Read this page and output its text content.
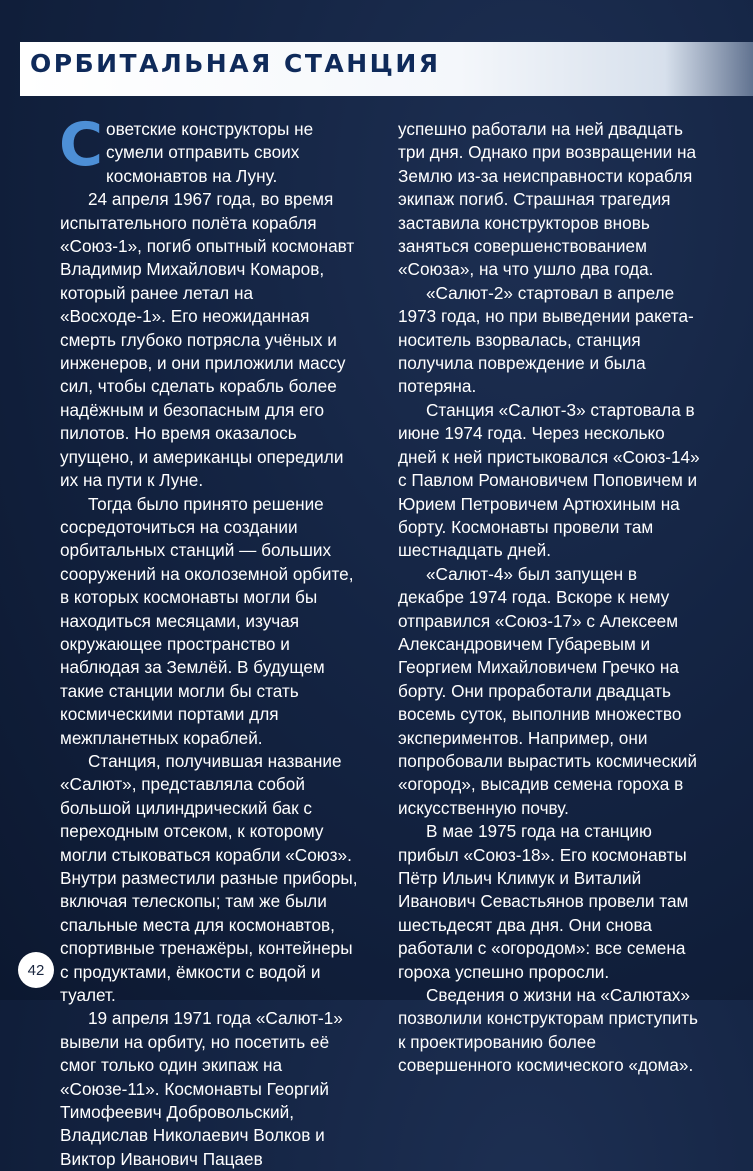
ОРБИТАЛЬНАЯ СТАНЦИЯ

Советские конструкторы не сумели отправить своих космонавтов на Луну.

24 апреля 1967 года, во время испытательного полёта корабля «Союз-1», погиб опытный космонавт Владимир Михайлович Комаров, который ранее летал на «Восходе-1». Его неожиданная смерть глубоко потрясла учёных и инженеров, и они приложили массу сил, чтобы сделать корабль более надёжным и безопасным для его пилотов. Но время оказалось упущено, и американцы опередили их на пути к Луне.

Тогда было принято решение сосредоточиться на создании орбитальных станций — больших сооружений на околоземной орбите, в которых космонавты могли бы находиться месяцами, изучая окружающее пространство и наблюдая за Землёй. В будущем такие станции могли бы стать космическими портами для межпланетных кораблей.

Станция, получившая название «Салют», представляла собой большой цилиндрический бак с переходным отсеком, к которому могли стыковаться корабли «Союз». Внутри разместили разные приборы, включая телескопы; там же были спальные места для космонавтов, спортивные тренажёры, контейнеры с продуктами, ёмкости с водой и туалет.

19 апреля 1971 года «Салют-1» вывели на орбиту, но посетить её смог только один экипаж на «Союзе-11». Космонавты Георгий Тимофеевич Добровольский, Владислав Николаевич Волков и Виктор Иванович Пацаев

успешно работали на ней двадцать три дня. Однако при возвращении на Землю из-за неисправности корабля экипаж погиб. Страшная трагедия заставила конструкторов вновь заняться совершенствованием «Союза», на что ушло два года.

«Салют-2» стартовал в апреле 1973 года, но при выведении ракета-носитель взорвалась, станция получила повреждение и была потеряна.

Станция «Салют-3» стартовала в июне 1974 года. Через несколько дней к ней пристыковался «Союз-14» с Павлом Романовичем Поповичем и Юрием Петровичем Артюхиным на борту. Космонавты провели там шестнадцать дней.

«Салют-4» был запущен в декабре 1974 года. Вскоре к нему отправился «Союз-17» с Алексеем Александровичем Губаревым и Георгием Михайловичем Гречко на борту. Они проработали двадцать восемь суток, выполнив множество экспериментов. Например, они попробовали вырастить космический «огород», высадив семена гороха в искусственную почву.

В мае 1975 года на станцию прибыл «Союз-18». Его космонавты Пётр Ильич Климук и Виталий Иванович Севастьянов провели там шестьдесят два дня. Они снова работали с «огородом»: все семена гороха успешно проросли.

Сведения о жизни на «Салютах» позволили конструкторам приступить к проектированию более совершенного космического «дома».

42
